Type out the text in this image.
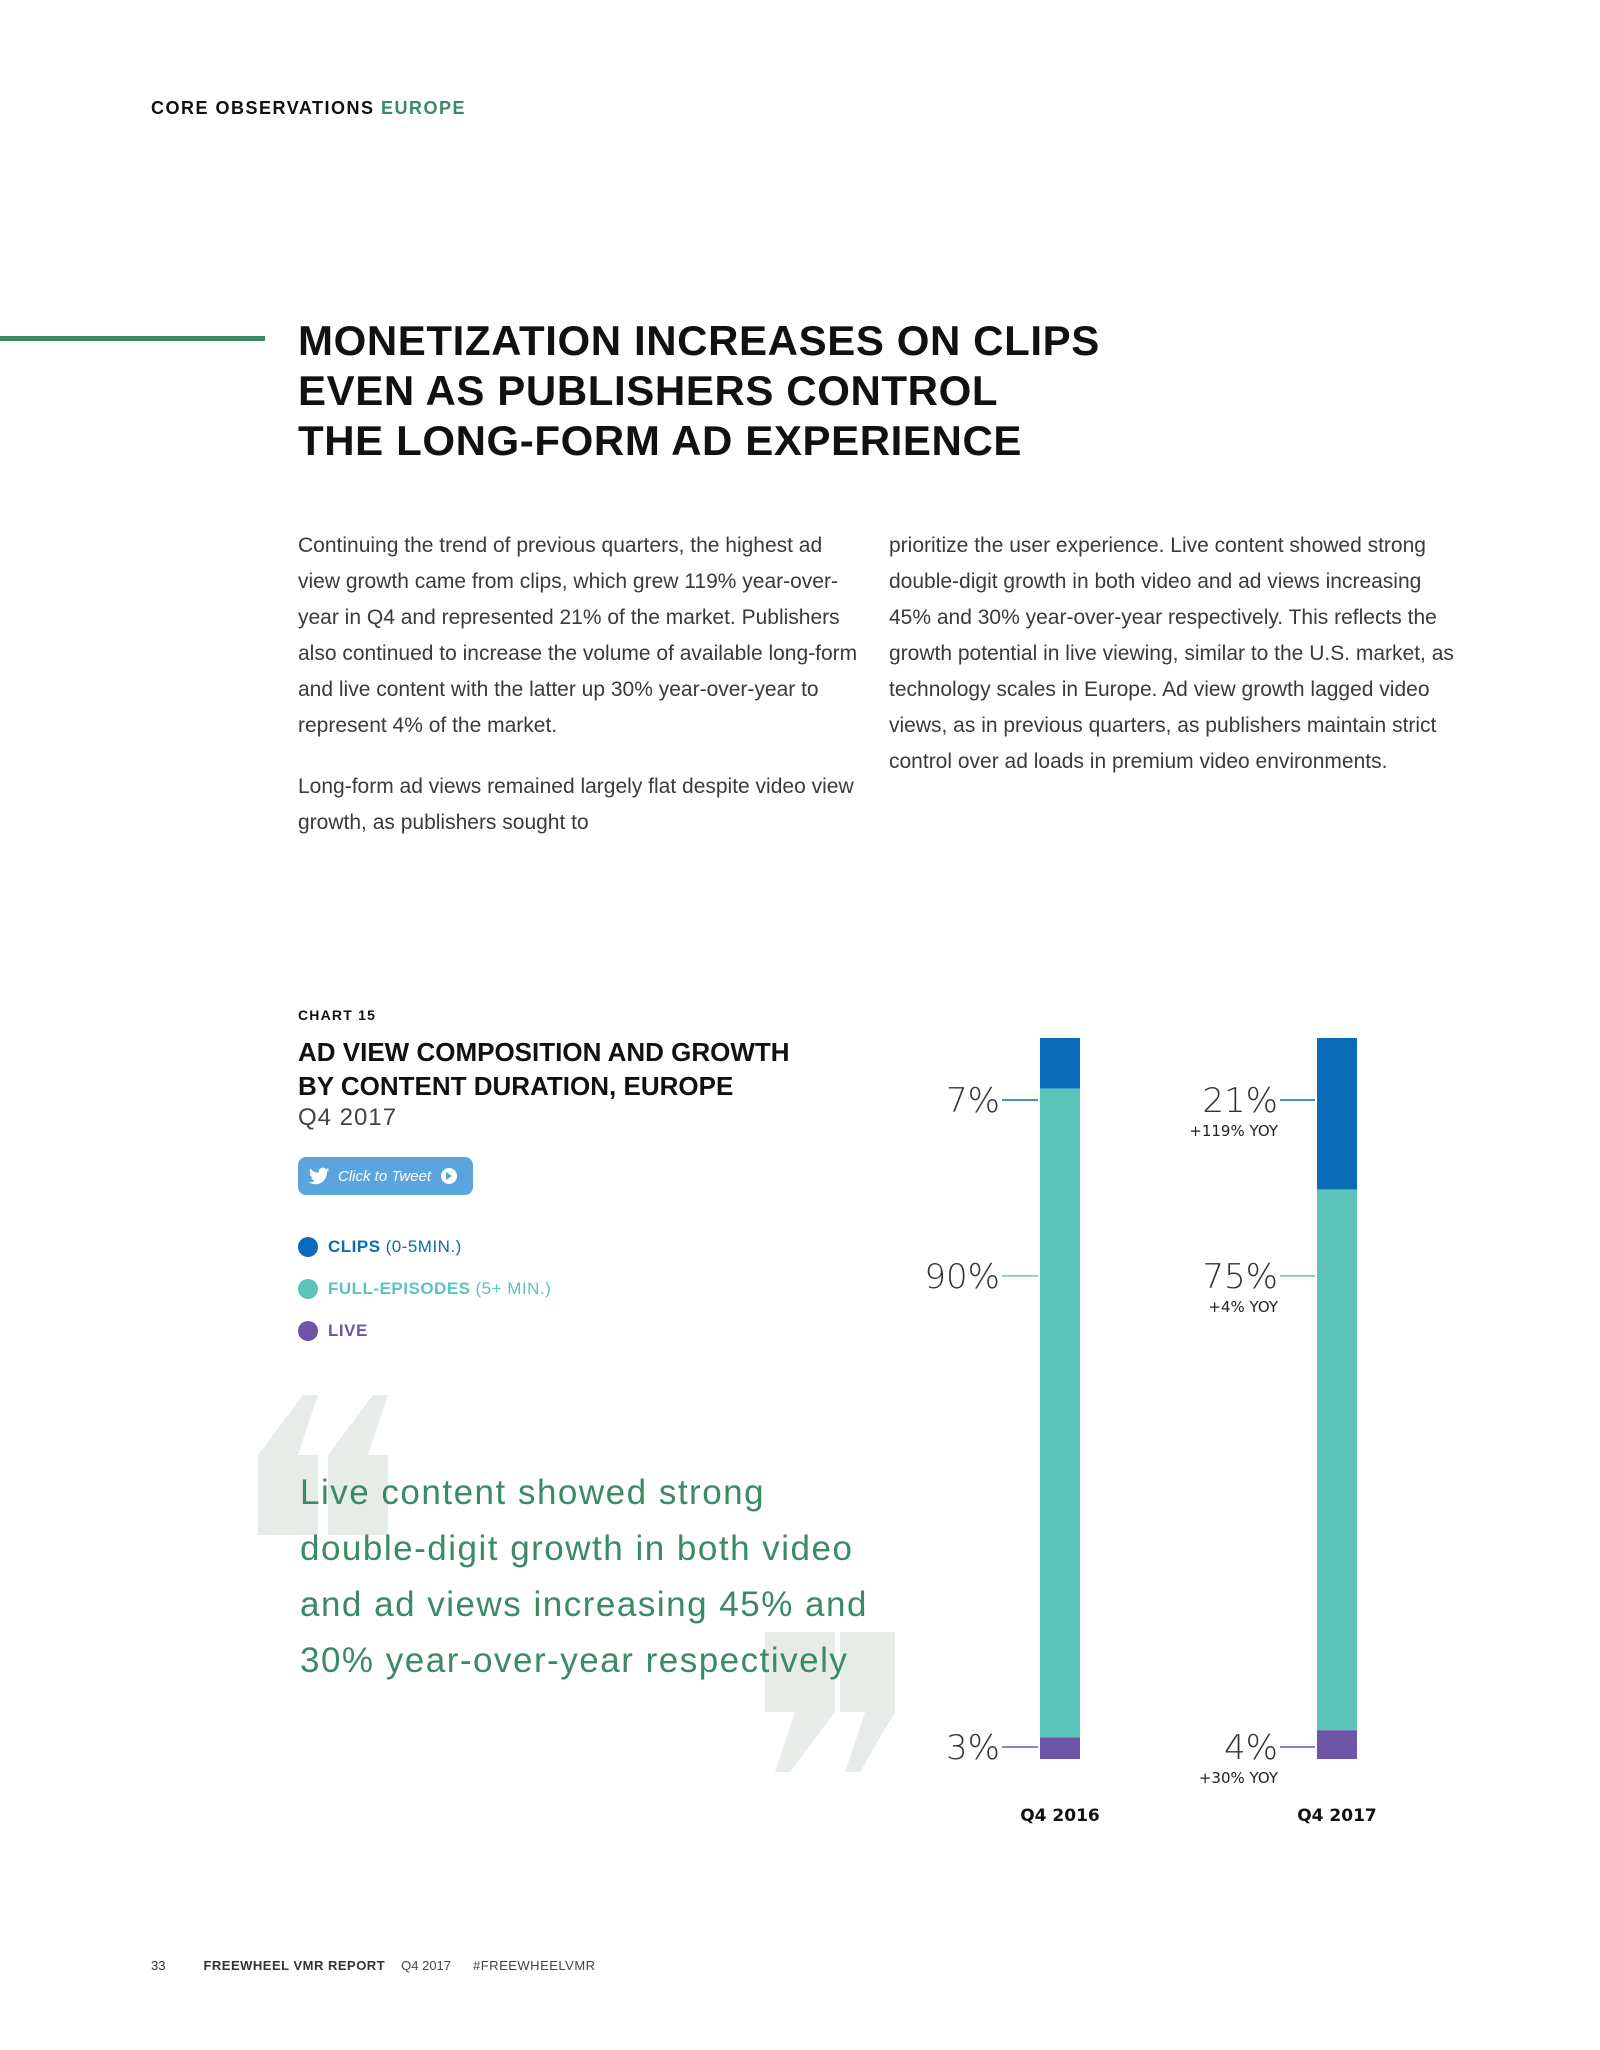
CORE OBSERVATIONS EUROPE
MONETIZATION INCREASES ON CLIPS
EVEN AS PUBLISHERS CONTROL
THE LONG-FORM AD EXPERIENCE

Continuing the trend of previous quarters, the highest ad view growth came from clips, which grew 119% year-over-year in Q4 and represented 21% of the market. Publishers also continued to increase the volume of available long-form and live content with the latter up 30% year-over-year to represent 4% of the market.

Long-form ad views remained largely flat despite video view growth, as publishers sought to

prioritize the user experience. Live content showed strong double-digit growth in both video and ad views increasing 45% and 30% year-over-year respectively. This reflects the growth potential in live viewing, similar to the U.S. market, as technology scales in Europe. Ad view growth lagged video views, as in previous quarters, as publishers maintain strict control over ad loads in premium video environments.

CHART 15
AD VIEW COMPOSITION AND GROWTH
BY CONTENT DURATION, EUROPE
Q4 2017
Click to Tweet
CLIPS (0-5MIN.)
FULL-EPISODES (5+ MIN.)
LIVE
Live content showed strong
double-digit growth in both video
and ad views increasing 45% and
30% year-over-year respectively
3%
90%
7%
Q4 2016
4%
+30% YOY
75%
+4% YOY
21%
+119% YOY
Q4 2017
33	FREEWHEEL VMR REPORT Q4 2017 #FREEWHEELVMR
